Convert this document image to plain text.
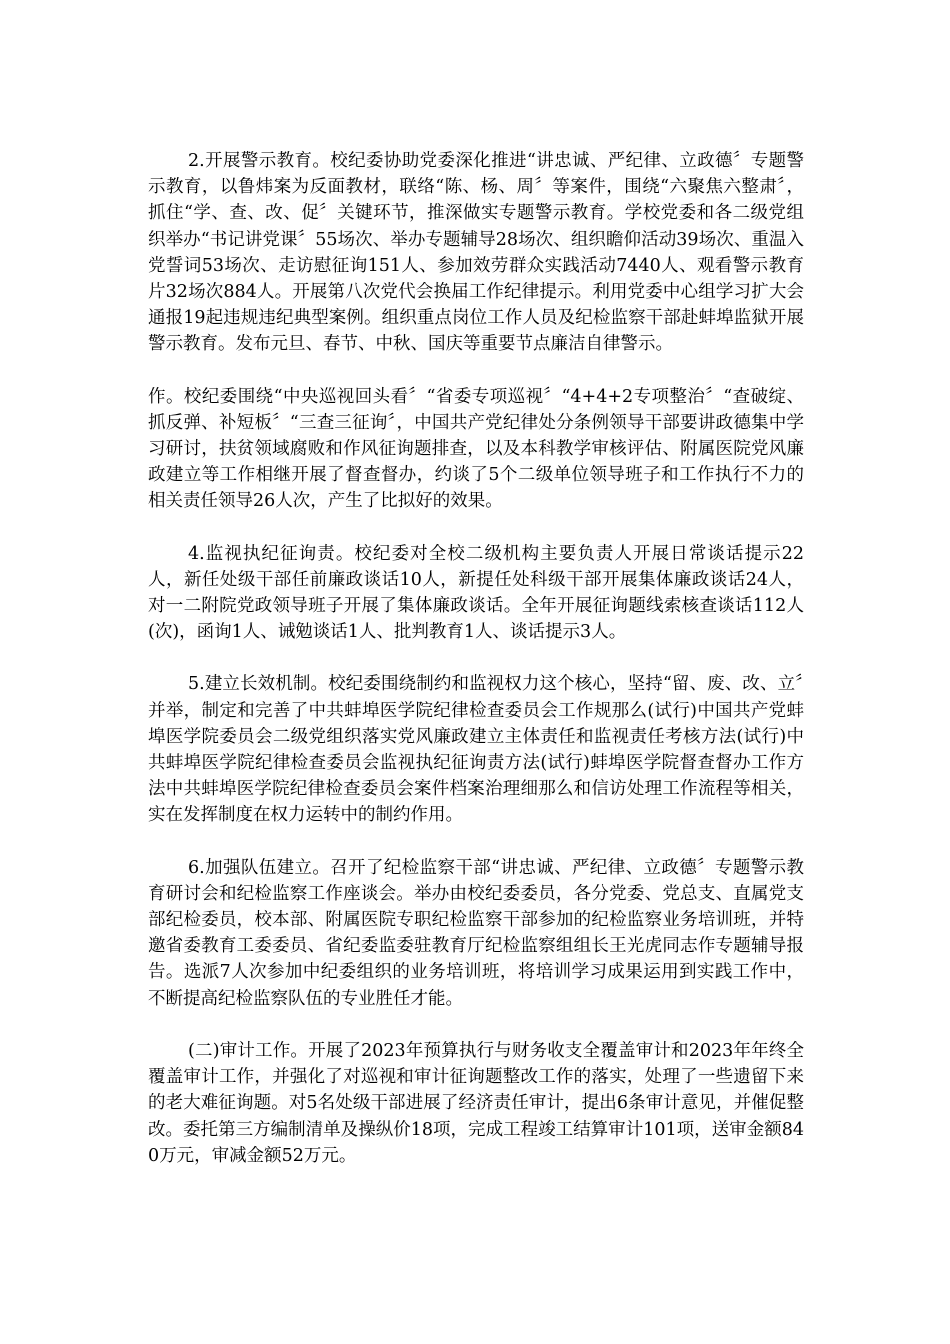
2.开展警示教育。校纪委协助党委深化推进“讲忠诚、严纪律、立政德〞专题警示教育，以鲁炜案为反面教材，联络“陈、杨、周〞等案件，围绕“六聚焦六整肃〞，抓住“学、查、改、促〞关键环节，推深做实专题警示教育。学校党委和各二级党组织举办“书记讲党课〞55场次、举办专题辅导28场次、组织瞻仰活动39场次、重温入党誓词53场次、走访慰征询151人、参加效劳群众实践活动7440人、观看警示教育片32场次884人。开展第八次党代会换届工作纪律提示。利用党委中心组学习扩大会通报19起违规违纪典型案例。组织重点岗位工作人员及纪检监察干部赴蚌埠监狱开展警示教育。发布元旦、春节、中秋、国庆等重要节点廉洁自律警示。

作。校纪委围绕“中央巡视回头看〞“省委专项巡视〞“4+4+2专项整治〞“查破绽、抓反弹、补短板〞“三查三征询〞，中国共产党纪律处分条例领导干部要讲政德集中学习研讨，扶贫领域腐败和作风征询题排查，以及本科教学审核评估、附属医院党风廉政建立等工作相继开展了督查督办，约谈了5个二级单位领导班子和工作执行不力的相关责任领导26人次，产生了比拟好的效果。

4.监视执纪征询责。校纪委对全校二级机构主要负责人开展日常谈话提示22人，新任处级干部任前廉政谈话10人，新提任处科级干部开展集体廉政谈话24人，对一二附院党政领导班子开展了集体廉政谈话。全年开展征询题线索核查谈话112人(次)，函询1人、诫勉谈话1人、批判教育1人、谈话提示3人。

5.建立长效机制。校纪委围绕制约和监视权力这个核心，坚持“留、废、改、立〞并举，制定和完善了中共蚌埠医学院纪律检查委员会工作规那么(试行)中国共产党蚌埠医学院委员会二级党组织落实党风廉政建立主体责任和监视责任考核方法(试行)中共蚌埠医学院纪律检查委员会监视执纪征询责方法(试行)蚌埠医学院督查督办工作方法中共蚌埠医学院纪律检查委员会案件档案治理细那么和信访处理工作流程等相关，实在发挥制度在权力运转中的制约作用。

6.加强队伍建立。召开了纪检监察干部“讲忠诚、严纪律、立政德〞专题警示教育研讨会和纪检监察工作座谈会。举办由校纪委委员，各分党委、党总支、直属党支部纪检委员，校本部、附属医院专职纪检监察干部参加的纪检监察业务培训班，并特邀省委教育工委委员、省纪委监委驻教育厅纪检监察组组长王光虎同志作专题辅导报告。选派7人次参加中纪委组织的业务培训班，将培训学习成果运用到实践工作中，不断提高纪检监察队伍的专业胜任才能。

(二)审计工作。开展了2023年预算执行与财务收支全覆盖审计和2023年年终全覆盖审计工作，并强化了对巡视和审计征询题整改工作的落实，处理了一些遗留下来的老大难征询题。对5名处级干部进展了经济责任审计，提出6条审计意见，并催促整改。委托第三方编制清单及操纵价18项，完成工程竣工结算审计101项，送审金额840万元，审减金额52万元。
